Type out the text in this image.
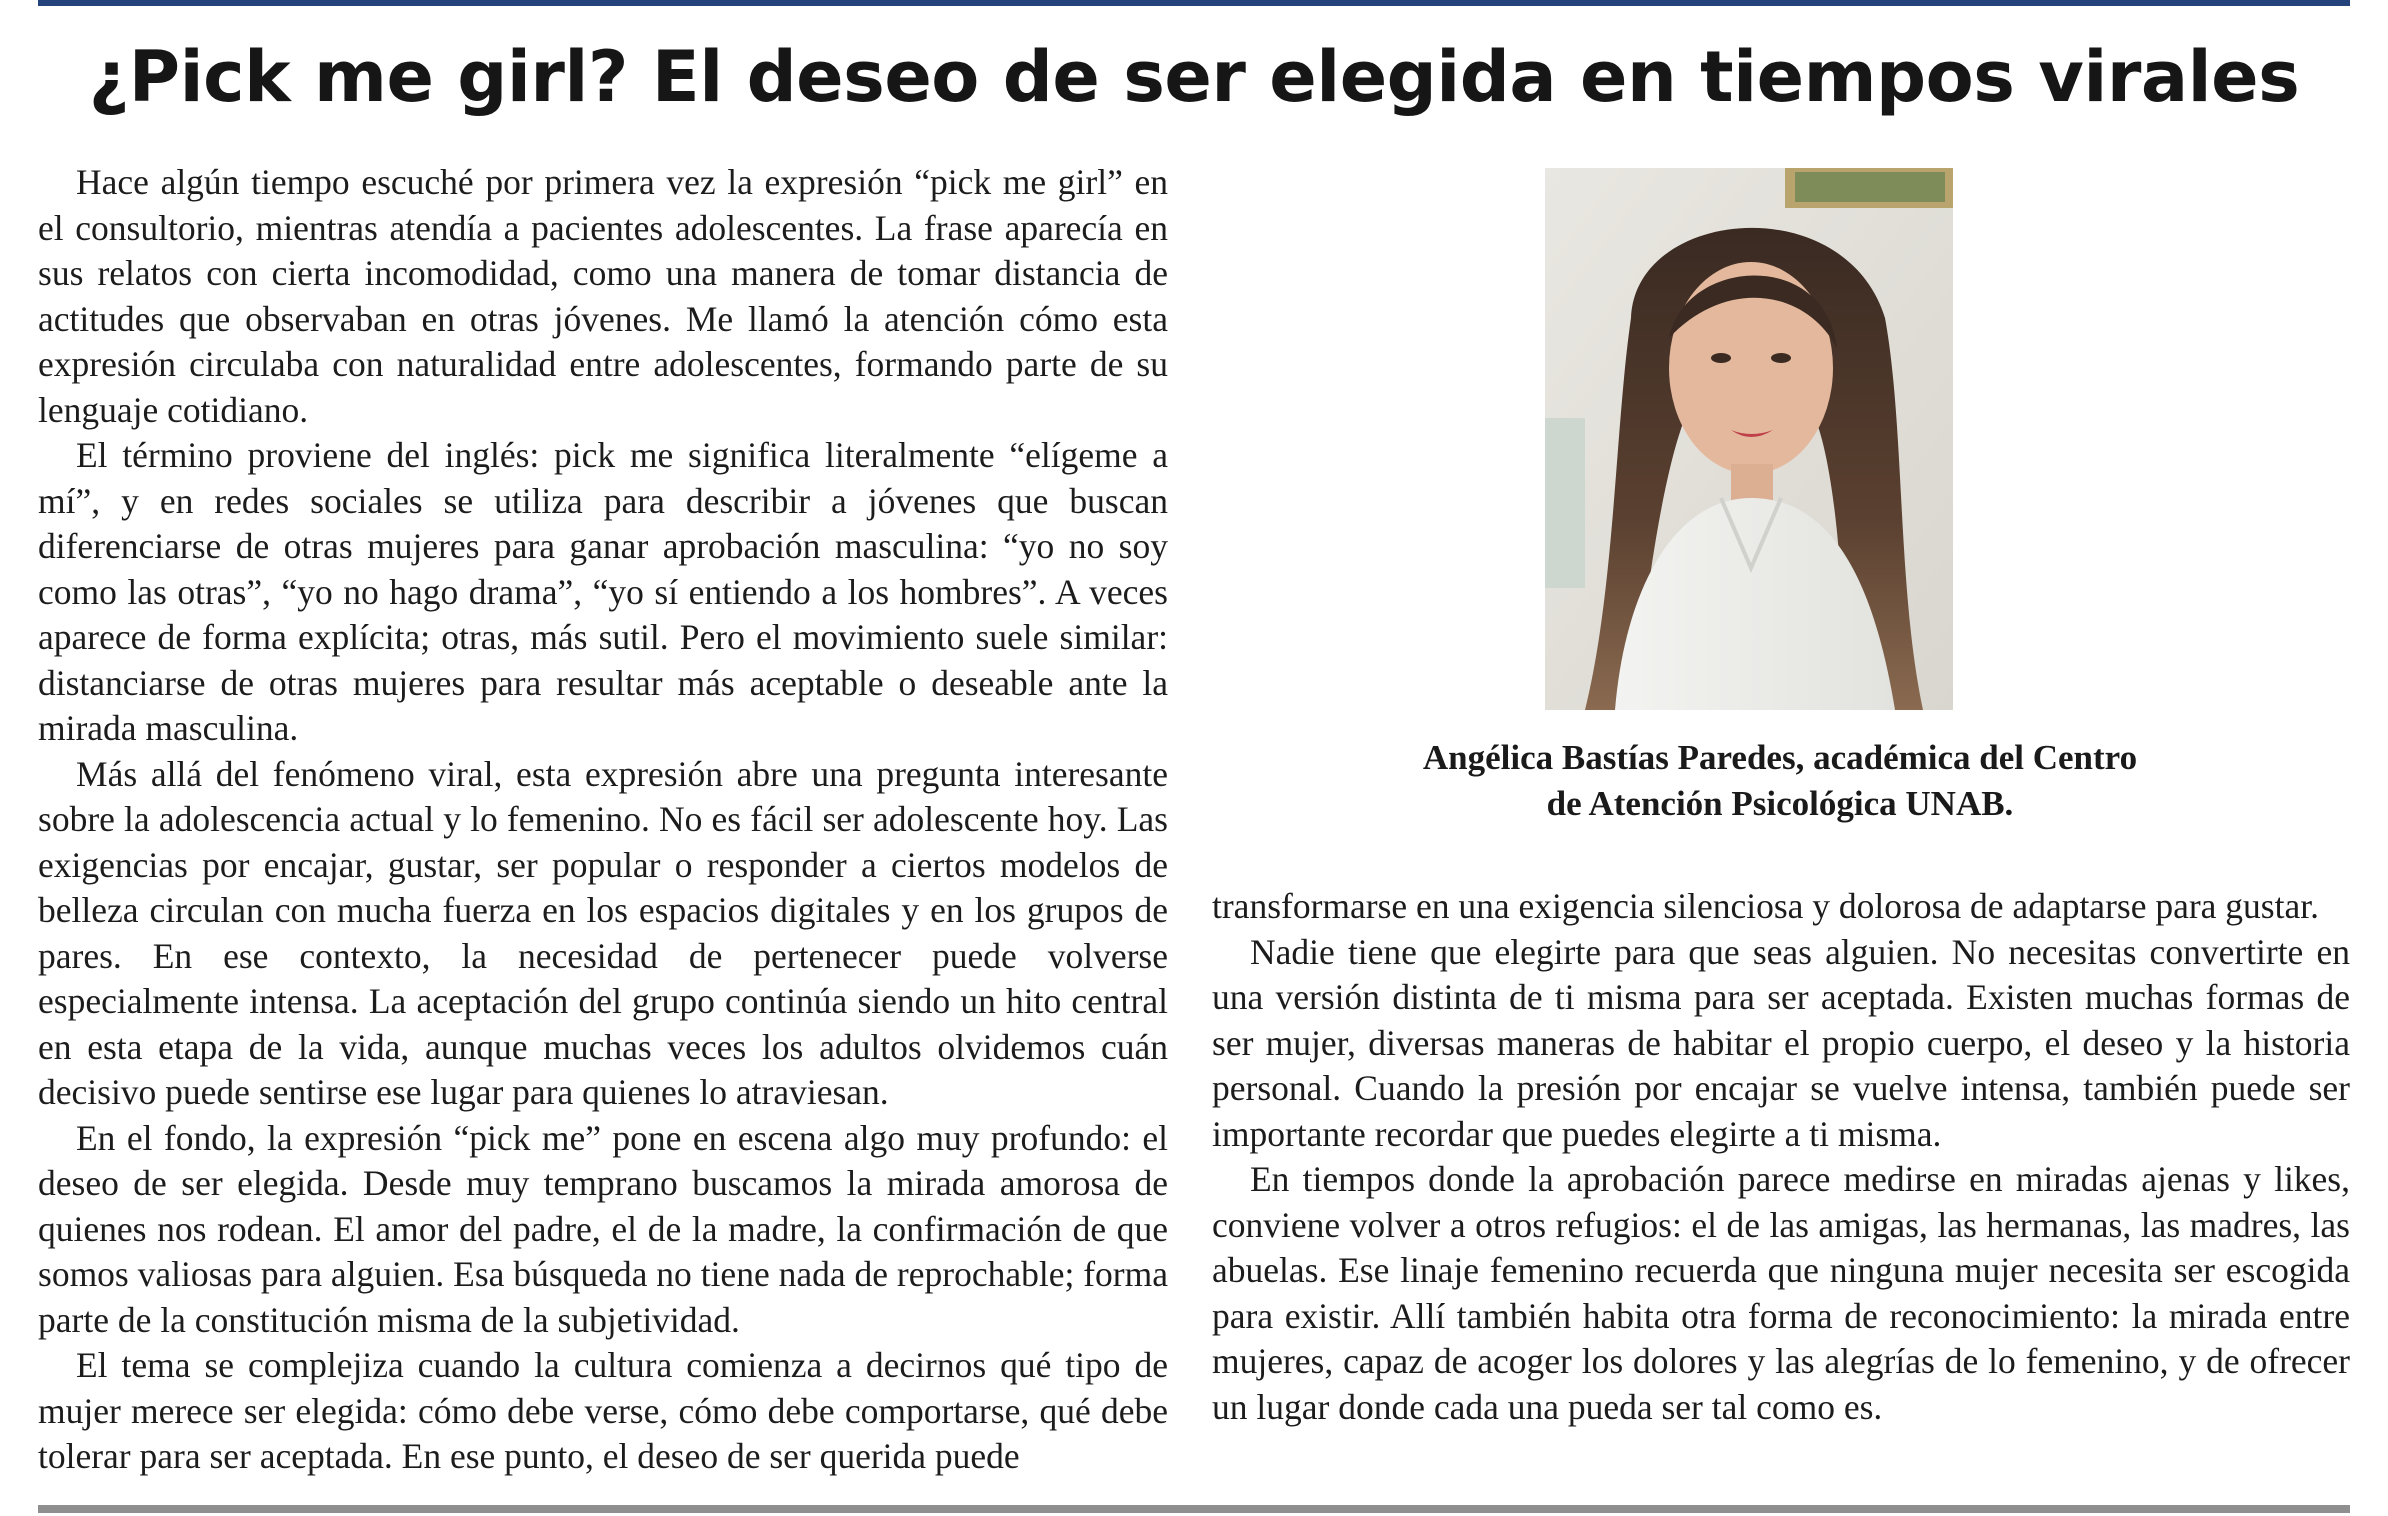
¿Pick me girl? El deseo de ser elegida en tiempos virales

Hace algún tiempo escuché por primera vez la expresión “pick me girl” en el consultorio, mientras atendía a pacientes adolescentes. La frase aparecía en sus relatos con cierta incomodidad, como una manera de tomar distancia de actitudes que observaban en otras jóvenes. Me llamó la atención cómo esta expresión circulaba con naturalidad entre adolescentes, formando parte de su lenguaje cotidiano.

El término proviene del inglés: pick me significa literalmente “elígeme a mí”, y en redes sociales se utiliza para describir a jóvenes que buscan diferenciarse de otras mujeres para ganar aprobación masculina: “yo no soy como las otras”, “yo no hago drama”, “yo sí entiendo a los hombres”. A veces aparece de forma explícita; otras, más sutil. Pero el movimiento suele similar: distanciarse de otras mujeres para resultar más aceptable o deseable ante la mirada masculina.

Más allá del fenómeno viral, esta expresión abre una pregunta interesante sobre la adolescencia actual y lo femenino. No es fácil ser adolescente hoy. Las exigencias por encajar, gustar, ser popular o responder a ciertos modelos de belleza circulan con mucha fuerza en los espacios digitales y en los grupos de pares. En ese contexto, la necesidad de pertenecer puede volverse especialmente intensa. La aceptación del grupo continúa siendo un hito central en esta etapa de la vida, aunque muchas veces los adultos olvidemos cuán decisivo puede sentirse ese lugar para quienes lo atraviesan.

En el fondo, la expresión “pick me” pone en escena algo muy profundo: el deseo de ser elegida. Desde muy temprano buscamos la mirada amorosa de quienes nos rodean. El amor del padre, el de la madre, la confirmación de que somos valiosas para alguien. Esa búsqueda no tiene nada de reprochable; forma parte de la constitución misma de la subjetividad.

El tema se complejiza cuando la cultura comienza a decirnos qué tipo de mujer merece ser elegida: cómo debe verse, cómo debe comportarse, qué debe tolerar para ser aceptada. En ese punto, el deseo de ser querida puede

Angélica Bastías Paredes, académica del Centro
de Atención Psicológica UNAB.

transformarse en una exigencia silenciosa y dolorosa de adaptarse para gustar.

Nadie tiene que elegirte para que seas alguien. No necesitas convertirte en una versión distinta de ti misma para ser aceptada. Existen muchas formas de ser mujer, diversas maneras de habitar el propio cuerpo, el deseo y la historia personal. Cuando la presión por encajar se vuelve intensa, también puede ser importante recordar que puedes elegirte a ti misma.

En tiempos donde la aprobación parece medirse en miradas ajenas y likes, conviene volver a otros refugios: el de las amigas, las hermanas, las madres, las abuelas. Ese linaje femenino recuerda que ninguna mujer necesita ser escogida para existir. Allí también habita otra forma de reconocimiento: la mirada entre mujeres, capaz de acoger los dolores y las alegrías de lo femenino, y de ofrecer un lugar donde cada una pueda ser tal como es.
